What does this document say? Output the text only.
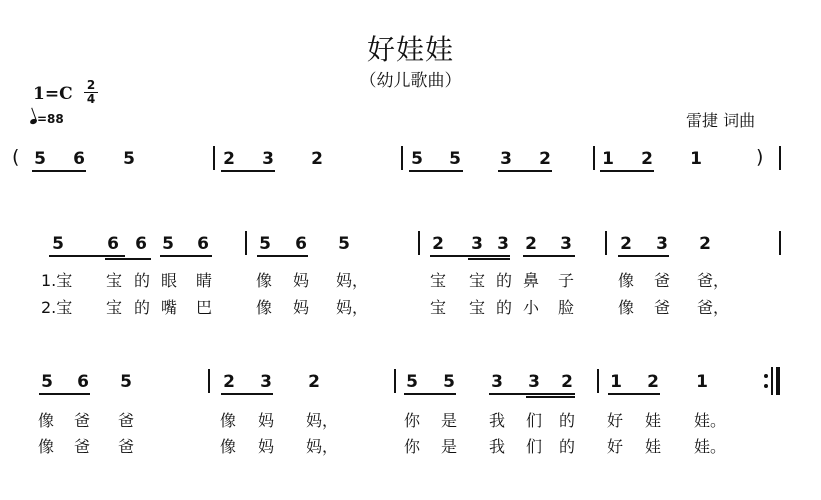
好娃娃
（幼儿歌曲）
1=C 2
4
=88	雷捷 词曲
( 5 6 5	2 3 2	5 5 3 2	1 2 1	)
5	6 6 5 6	5 6 5	2 3 3 2 3	2 3 2
1.宝 宝 的 眼 睛	像 妈 妈，	宝 宝 的 鼻 子	像 爸 爸，
2.宝 宝 的 嘴 巴	像 妈 妈，	宝 宝 的 小 脸	像 爸 爸，
5 6 5	2 3 2	5 5 3 3 2 1 2 1
像 爸 爸	像 妈 妈，	你 是 我 们 的 好 娃 娃。
像 爸 爸	像 妈 妈，	你 是 我 们 的 好 娃 娃。
